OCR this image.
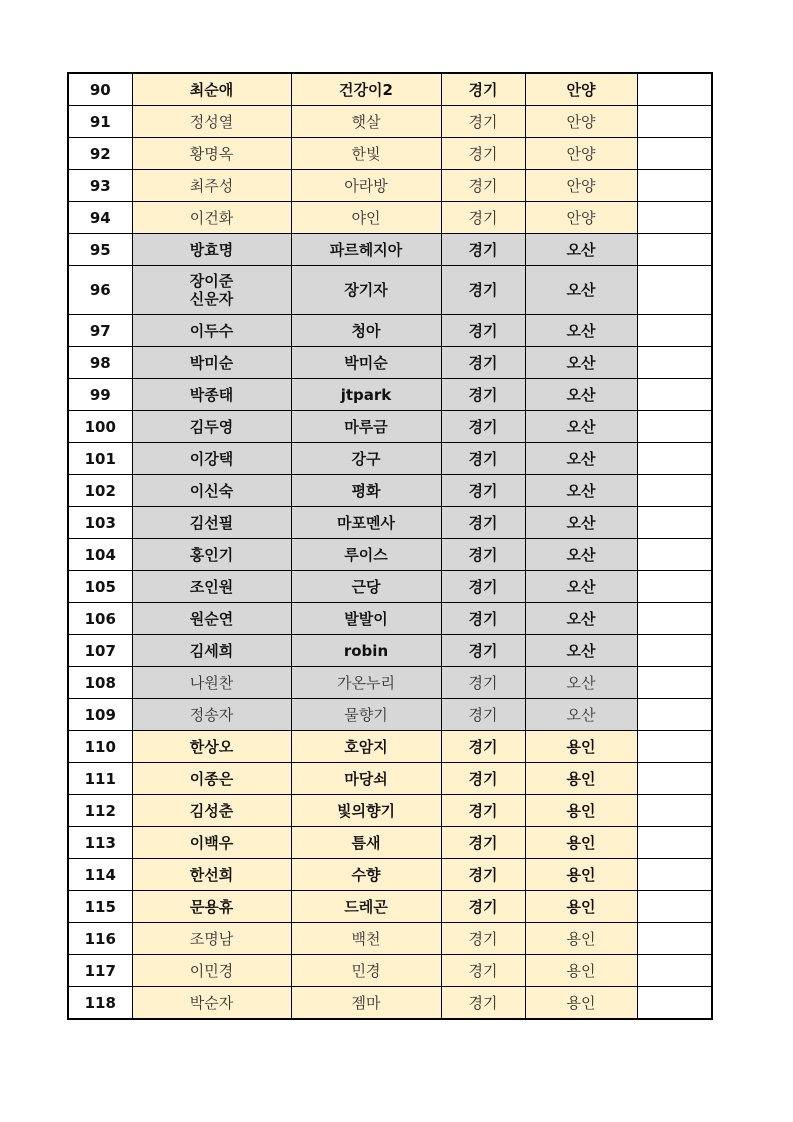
90	최순애	건강이2	경기	안양	
91	정성열	햇살	경기	안양	
92	황명옥	한빛	경기	안양	
93	최주성	아라방	경기	안양	
94	이건화	야인	경기	안양	
95	방효명	파르헤지아	경기	오산	
96	장이준
신운자	장기자	경기	오산	
97	이두수	청아	경기	오산	
98	박미순	박미순	경기	오산	
99	박종태	jtpark	경기	오산	
100	김두영	마루금	경기	오산	
101	이강택	강구	경기	오산	
102	이신숙	평화	경기	오산	
103	김선필	마포멘사	경기	오산	
104	홍인기	루이스	경기	오산	
105	조인원	근당	경기	오산	
106	원순연	발발이	경기	오산	
107	김세희	robin	경기	오산	
108	나원찬	가온누리	경기	오산	
109	정송자	물향기	경기	오산	
110	한상오	호암지	경기	용인	
111	이종은	마당쇠	경기	용인	
112	김성춘	빛의향기	경기	용인	
113	이백우	틈새	경기	용인	
114	한선희	수향	경기	용인	
115	문용휴	드레곤	경기	용인	
116	조명남	백천	경기	용인	
117	이민경	민경	경기	용인	
118	박순자	젬마	경기	용인	
